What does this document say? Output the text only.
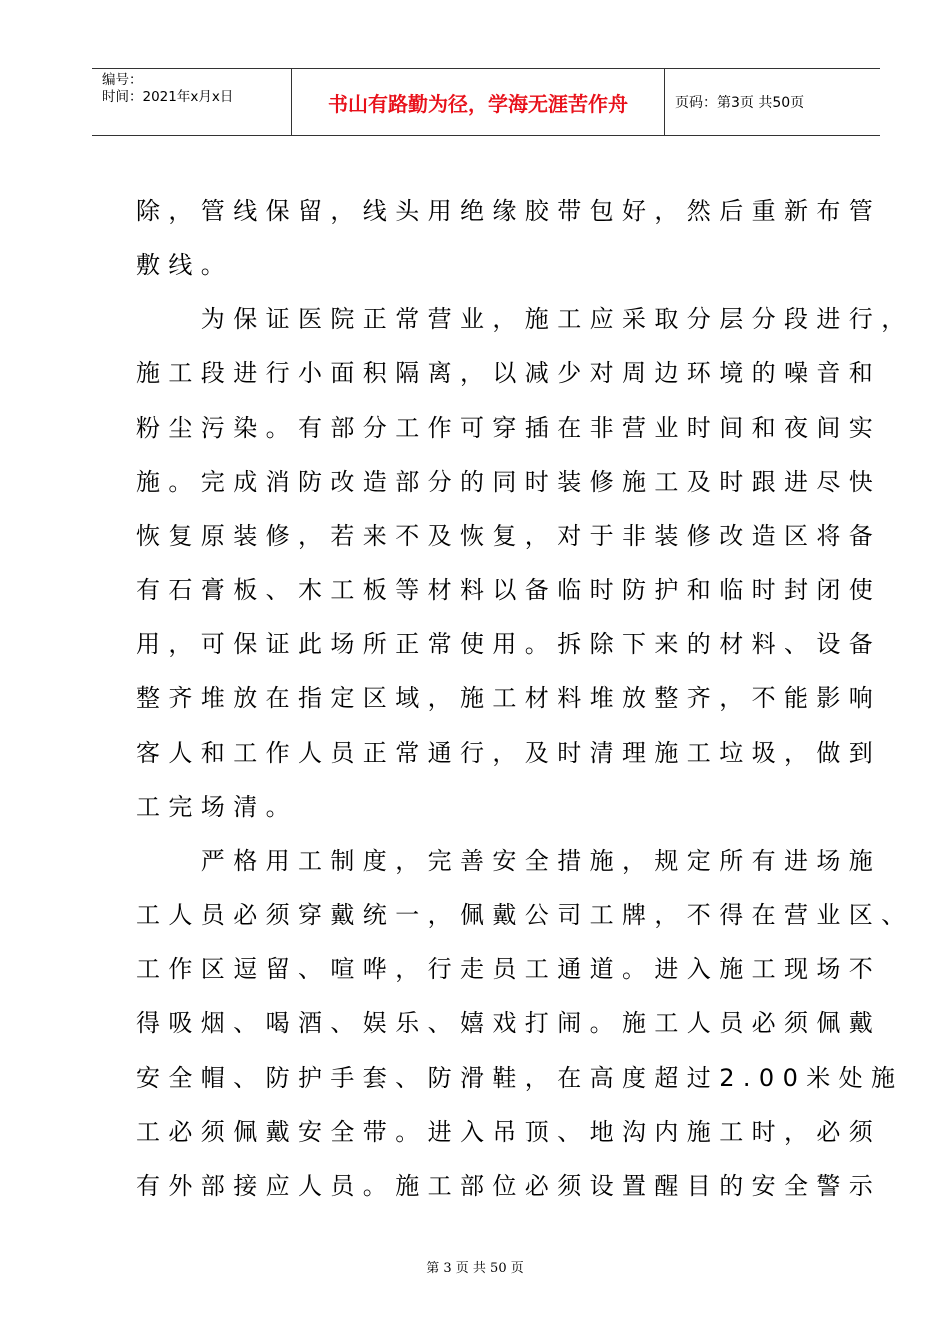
编号：
时间：2021年x月x日	书山有路勤为径，学海无涯苦作舟	页码：第3页 共50页
除，管线保留，线头用绝缘胶带包好，然后重新布管
敷线。
　　为保证医院正常营业，施工应采取分层分段进行，
施工段进行小面积隔离，以减少对周边环境的噪音和
粉尘污染。有部分工作可穿插在非营业时间和夜间实
施。完成消防改造部分的同时装修施工及时跟进尽快
恢复原装修，若来不及恢复，对于非装修改造区将备
有石膏板、木工板等材料以备临时防护和临时封闭使
用，可保证此场所正常使用。拆除下来的材料、设备
整齐堆放在指定区域，施工材料堆放整齐，不能影响
客人和工作人员正常通行，及时清理施工垃圾，做到
工完场清。
　　严格用工制度，完善安全措施，规定所有进场施
工人员必须穿戴统一，佩戴公司工牌，不得在营业区、
工作区逗留、喧哗，行走员工通道。进入施工现场不
得吸烟、喝酒、娱乐、嬉戏打闹。施工人员必须佩戴
安全帽、防护手套、防滑鞋，在高度超过2.00米处施
工必须佩戴安全带。进入吊顶、地沟内施工时，必须
有外部接应人员。施工部位必须设置醒目的安全警示
第 3 页 共 50 页
